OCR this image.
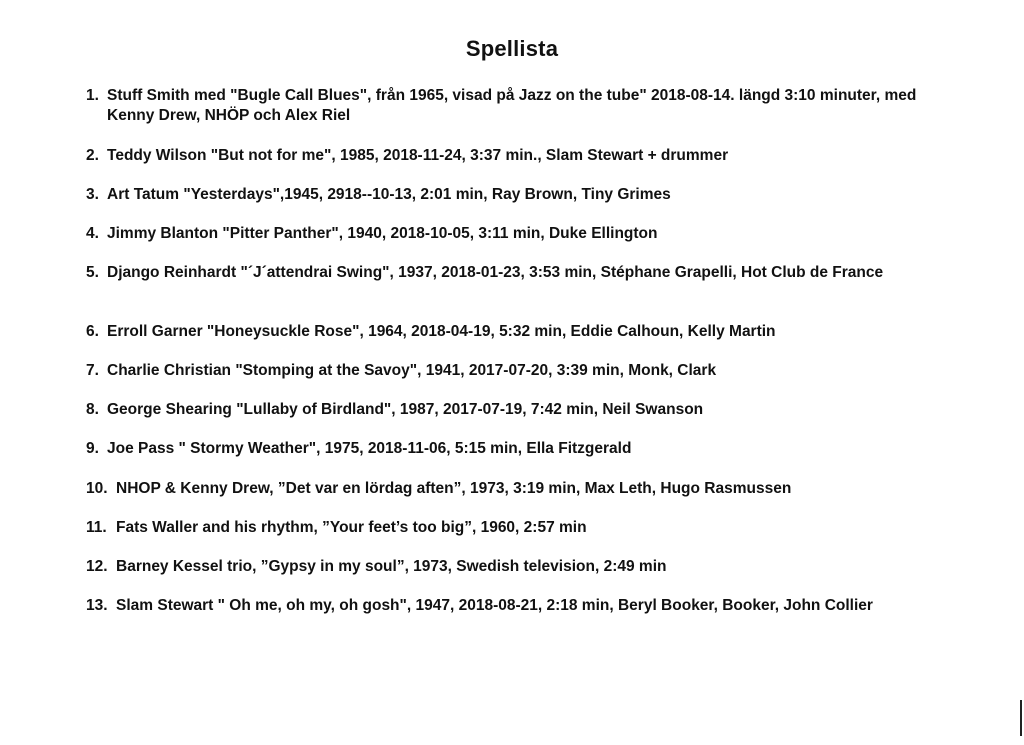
Spellista
1. Stuff Smith med "Bugle Call Blues", från 1965, visad på Jazz on the tube" 2018-08-14. längd 3:10 minuter, med Kenny Drew, NHÖP och Alex Riel
2. Teddy Wilson "But not for me", 1985, 2018-11-24, 3:37 min., Slam Stewart + drummer
3. Art Tatum "Yesterdays",1945, 2918--10-13, 2:01 min, Ray Brown, Tiny Grimes
4. Jimmy Blanton "Pitter Panther", 1940, 2018-10-05, 3:11 min, Duke Ellington
5. Django Reinhardt "´J´attendrai Swing", 1937, 2018-01-23, 3:53 min, Stéphane Grapelli, Hot Club de France
6. Erroll Garner "Honeysuckle Rose", 1964, 2018-04-19, 5:32 min, Eddie Calhoun, Kelly Martin
7. Charlie Christian "Stomping at the Savoy", 1941, 2017-07-20, 3:39 min, Monk, Clark
8. George Shearing "Lullaby of Birdland", 1987, 2017-07-19, 7:42 min, Neil Swanson
9. Joe Pass " Stormy Weather", 1975, 2018-11-06, 5:15 min, Ella Fitzgerald
10. NHOP & Kenny Drew, ”Det var en lördag aften”, 1973, 3:19 min, Max Leth, Hugo Rasmussen
11. Fats Waller and his rhythm, ”Your feet’s too big”, 1960, 2:57 min
12. Barney Kessel trio, ”Gypsy in my soul”, 1973, Swedish television, 2:49 min
13. Slam Stewart " Oh me, oh my, oh gosh", 1947, 2018-08-21, 2:18 min, Beryl Booker, Booker, John Collier
